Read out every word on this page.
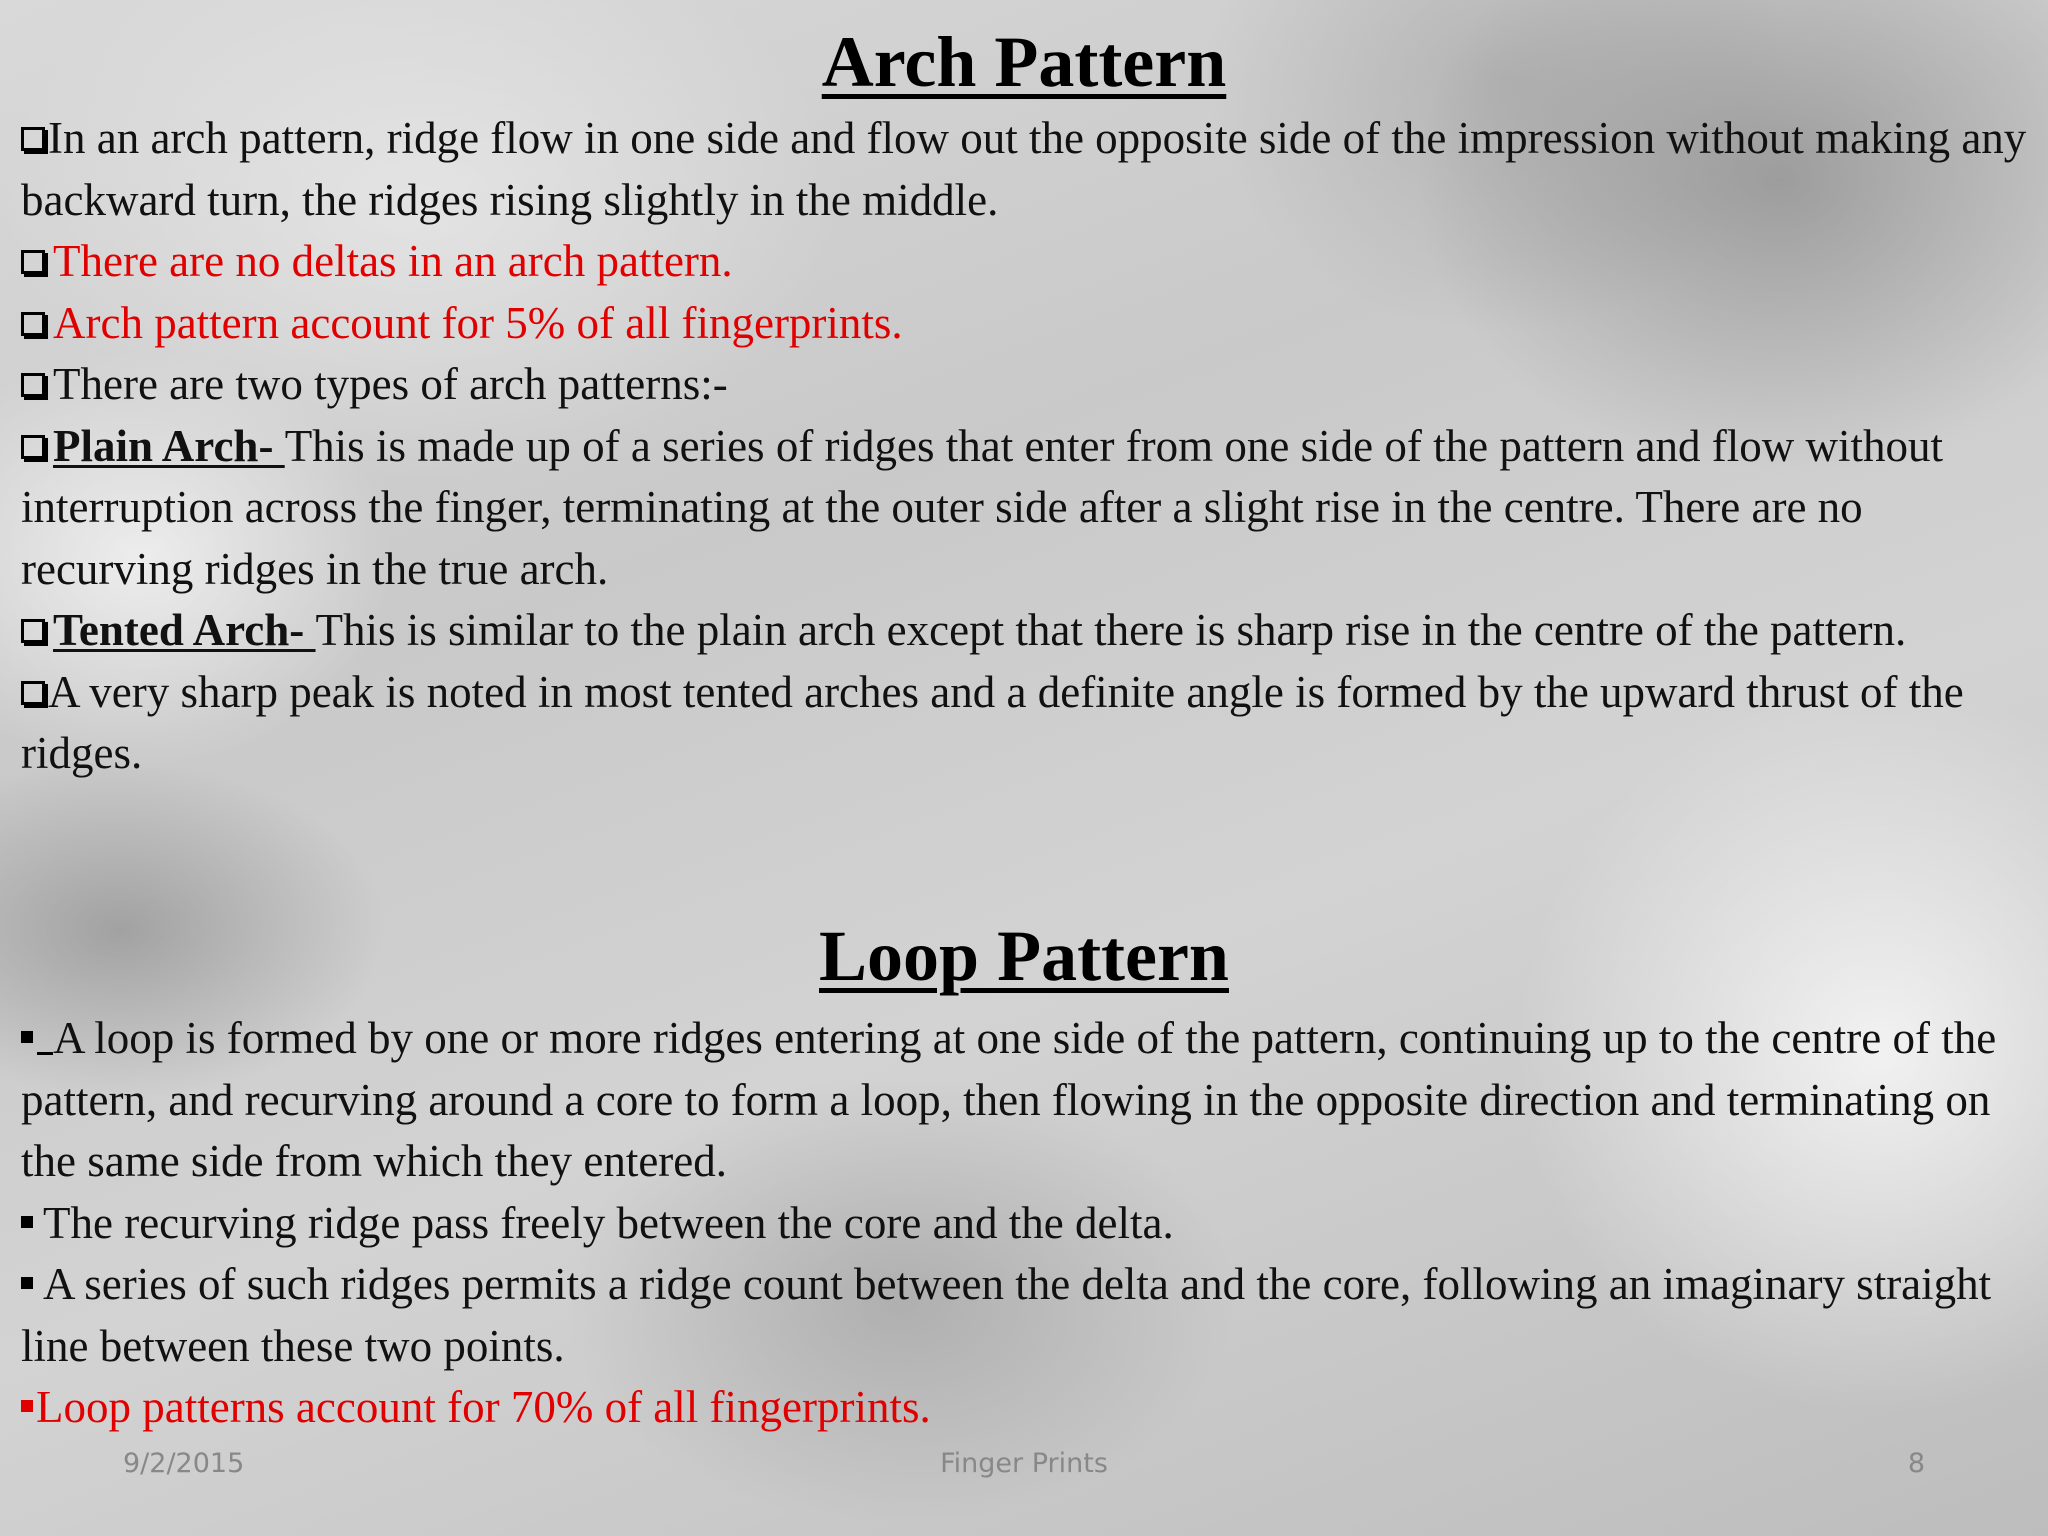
Arch Pattern

In an arch pattern, ridge flow in one side and flow out the opposite side of the impression without making any backward turn, the ridges rising slightly in the middle.

There are no deltas in an arch pattern.

Arch pattern account for 5% of all fingerprints.

There are two types of arch patterns:-

Plain Arch- This is made up of a series of ridges that enter from one side of the pattern and flow without interruption across the finger, terminating at the outer side after a slight rise in the centre. There are no recurving ridges in the true arch.

Tented Arch- This is similar to the plain arch except that there is sharp rise in the centre of the pattern.

A very sharp peak is noted in most tented arches and a definite angle is formed by the upward thrust of the ridges.

Loop Pattern

A loop is formed by one or more ridges entering at one side of the pattern, continuing up to the centre of the pattern, and recurving around a core to form a loop, then flowing in the opposite direction and terminating on the same side from which they entered.

The recurving ridge pass freely between the core and the delta.

A series of such ridges permits a ridge count between the delta and the core, following an imaginary straight line between these two points.

Loop patterns account for 70% of all fingerprints.

9/2/2015	Finger Prints	8
